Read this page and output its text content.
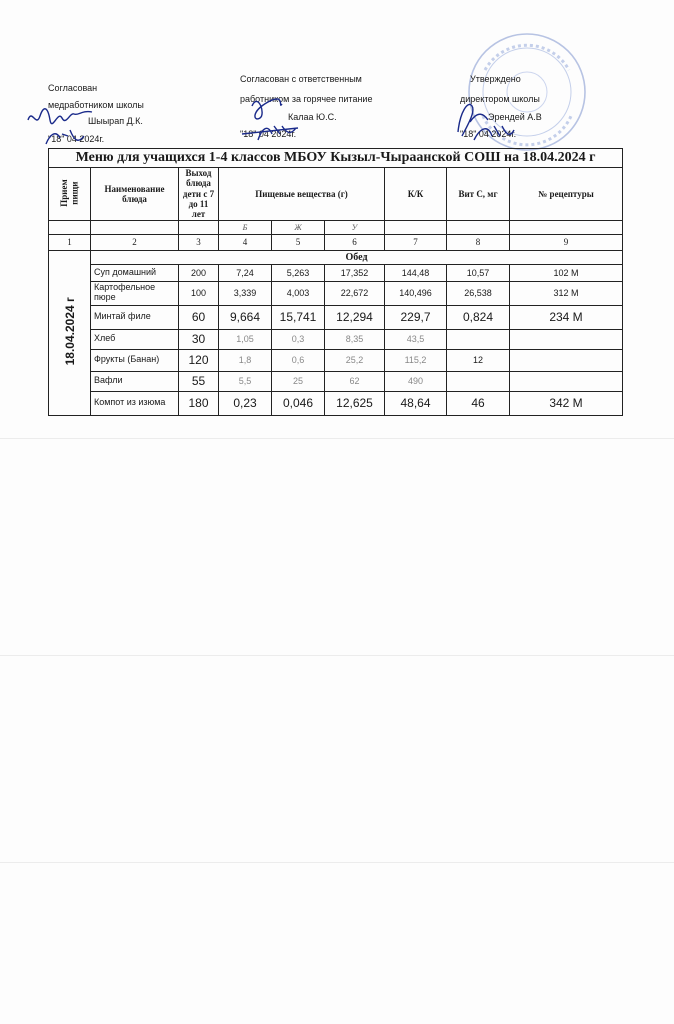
Согласован
медработником школы
Шыырап Д.К.
"18" 04 2024г.
Согласован с ответственным
работником за горячее питание
Калаа Ю.С.
"18" 04 2024г.
Утверждено
директором школы
Эрендей А.В
"18" 04 2024г.
Меню для учащихся 1-4 классов МБОУ Кызыл-Чыраанской СОШ на 18.04.2024 г								
Прием пищи	Наименование блюда	Выход блюда дети с 7 до 11 лет	Пищевые вещества (г)			К/К	Вит С, мг	№ рецептуры
			Б	Ж	У			
1	2	3	4	5	6	7	8	9
18.04.2024 г	Обед							
	Суп домашний	200	7,24	5,263	17,352	144,48	10,57	102 М
	Картофельное пюре	100	3,339	4,003	22,672	140,496	26,538	312 М
	Минтай филе	60	9,664	15,741	12,294	229,7	0,824	234 М
	Хлеб	30	1,05	0,3	8,35	43,5		
	Фрукты (Банан)	120	1,8	0,6	25,2	115,2	12	
	Вафли	55	5,5	25	62	490		
	Компот из изюма	180	0,23	0,046	12,625	48,64	46	342 М
